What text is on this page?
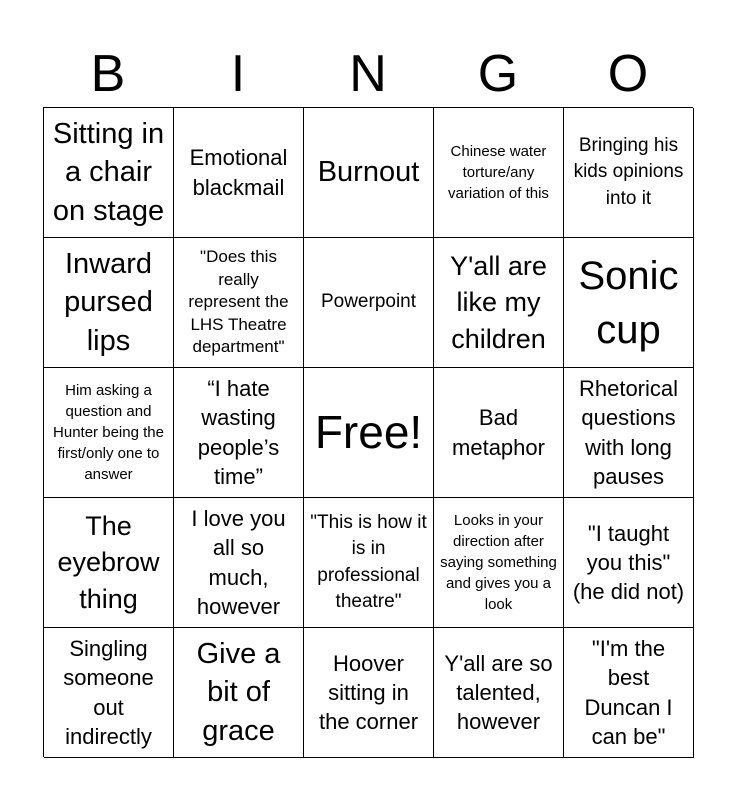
B	I	N	G	O
Sitting in a chair on stage
Emotional blackmail	Burnout
Chinese water torture/any variation of this
Bringing his kids opinions into it
Inward pursed lips
"Does this really represent the LHS Theatre department"
Powerpoint
Y'all are like my children
Sonic cup
Him asking a question and Hunter being the first/only one to answer
“I hate wasting people’s time”
Free!	Bad metaphor
Rhetorical questions with long pauses
The eyebrow thing
I love you all so much, however
"This is how it is in professional theatre"
Looks in your direction after saying something and gives you a look
"I taught you this" (he did not)
Singling someone out indirectly
Give a bit of grace
Hoover sitting in the corner
Y'all are so talented, however
"I'm the best Duncan I can be"
